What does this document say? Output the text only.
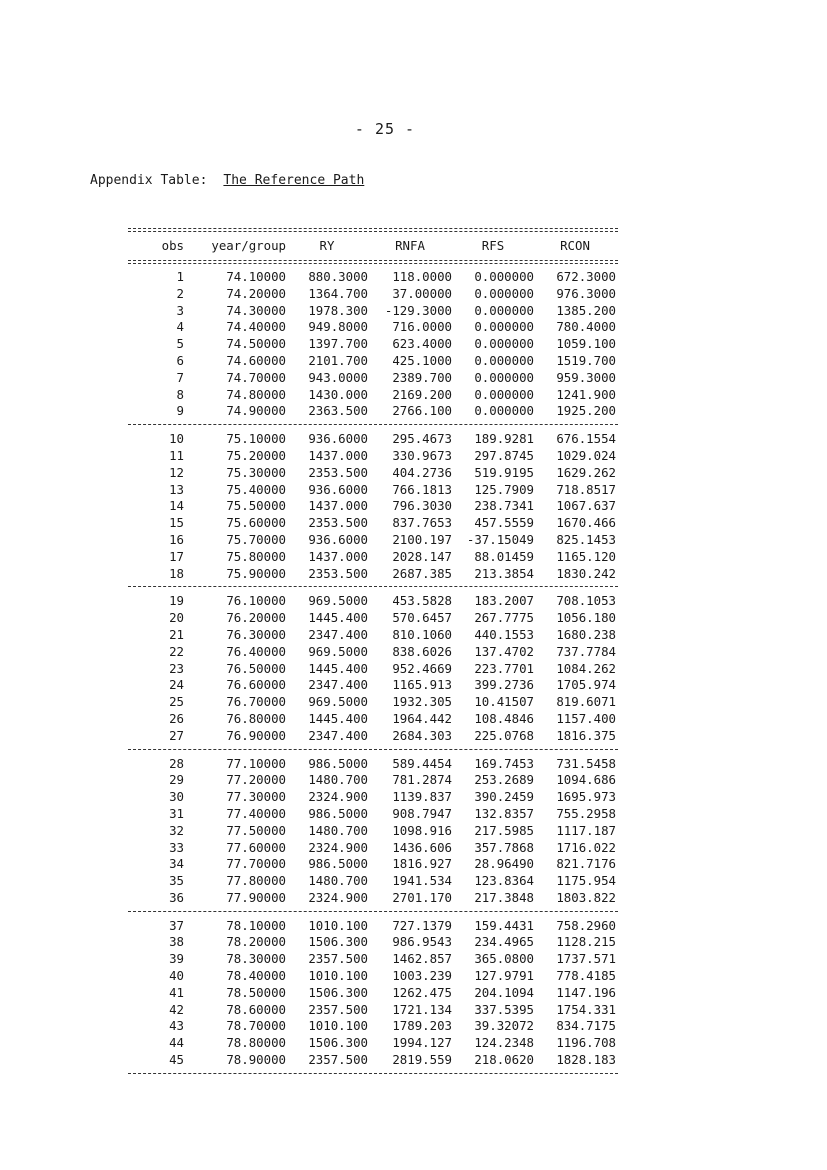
- 25 -
Appendix Table: The Reference Path
obs	year/group	RY	RNFA	RFS	RCON
1	74.10000	880.3000	118.0000	0.000000	672.3000
2	74.20000	1364.700	37.00000	0.000000	976.3000
3	74.30000	1978.300	-129.3000	0.000000	1385.200
4	74.40000	949.8000	716.0000	0.000000	780.4000
5	74.50000	1397.700	623.4000	0.000000	1059.100
6	74.60000	2101.700	425.1000	0.000000	1519.700
7	74.70000	943.0000	2389.700	0.000000	959.3000
8	74.80000	1430.000	2169.200	0.000000	1241.900
9	74.90000	2363.500	2766.100	0.000000	1925.200
10	75.10000	936.6000	295.4673	189.9281	676.1554
11	75.20000	1437.000	330.9673	297.8745	1029.024
12	75.30000	2353.500	404.2736	519.9195	1629.262
13	75.40000	936.6000	766.1813	125.7909	718.8517
14	75.50000	1437.000	796.3030	238.7341	1067.637
15	75.60000	2353.500	837.7653	457.5559	1670.466
16	75.70000	936.6000	2100.197	-37.15049	825.1453
17	75.80000	1437.000	2028.147	88.01459	1165.120
18	75.90000	2353.500	2687.385	213.3854	1830.242
19	76.10000	969.5000	453.5828	183.2007	708.1053
20	76.20000	1445.400	570.6457	267.7775	1056.180
21	76.30000	2347.400	810.1060	440.1553	1680.238
22	76.40000	969.5000	838.6026	137.4702	737.7784
23	76.50000	1445.400	952.4669	223.7701	1084.262
24	76.60000	2347.400	1165.913	399.2736	1705.974
25	76.70000	969.5000	1932.305	10.41507	819.6071
26	76.80000	1445.400	1964.442	108.4846	1157.400
27	76.90000	2347.400	2684.303	225.0768	1816.375
28	77.10000	986.5000	589.4454	169.7453	731.5458
29	77.20000	1480.700	781.2874	253.2689	1094.686
30	77.30000	2324.900	1139.837	390.2459	1695.973
31	77.40000	986.5000	908.7947	132.8357	755.2958
32	77.50000	1480.700	1098.916	217.5985	1117.187
33	77.60000	2324.900	1436.606	357.7868	1716.022
34	77.70000	986.5000	1816.927	28.96490	821.7176
35	77.80000	1480.700	1941.534	123.8364	1175.954
36	77.90000	2324.900	2701.170	217.3848	1803.822
37	78.10000	1010.100	727.1379	159.4431	758.2960
38	78.20000	1506.300	986.9543	234.4965	1128.215
39	78.30000	2357.500	1462.857	365.0800	1737.571
40	78.40000	1010.100	1003.239	127.9791	778.4185
41	78.50000	1506.300	1262.475	204.1094	1147.196
42	78.60000	2357.500	1721.134	337.5395	1754.331
43	78.70000	1010.100	1789.203	39.32072	834.7175
44	78.80000	1506.300	1994.127	124.2348	1196.708
45	78.90000	2357.500	2819.559	218.0620	1828.183
